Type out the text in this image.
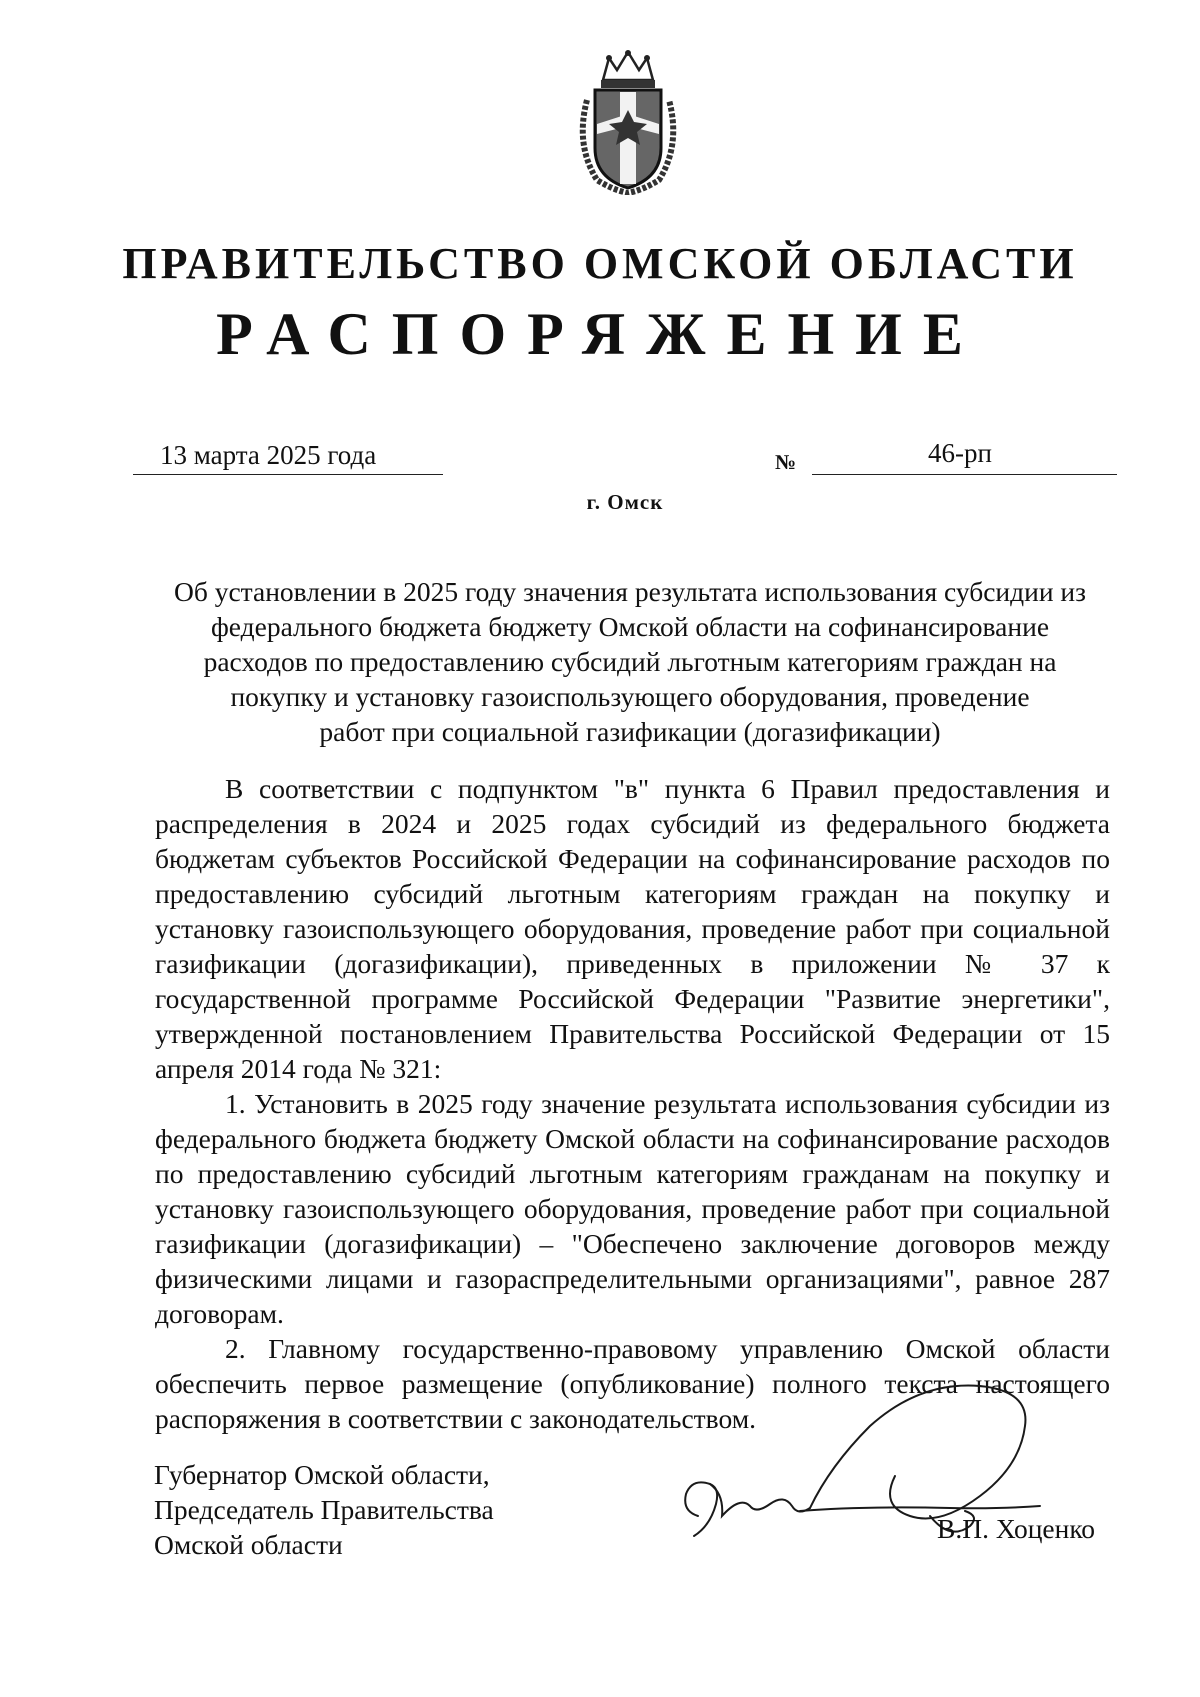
ПРАВИТЕЛЬСТВО ОМСКОЙ ОБЛАСТИ
РАСПОРЯЖЕНИЕ
13 марта 2025 года	№	46-рп
г. Омск
Об установлении в 2025 году значения результата использования субсидии из
федерального бюджета бюджету Омской области на софинансирование
расходов по предоставлению субсидий льготным категориям граждан на
покупку и установку газоиспользующего оборудования, проведение
работ при социальной газификации (догазификации)

В соответствии с подпунктом "в" пункта 6 Правил предоставления и распределения в 2024 и 2025 годах субсидий из федерального бюджета бюджетам субъектов Российской Федерации на софинансирование расходов по предоставлению субсидий льготным категориям граждан на покупку и установку газоиспользующего оборудования, проведение работ при социальной газификации (догазификации), приведенных в приложении № 37 к государственной программе Российской Федерации "Развитие энергетики", утвержденной постановлением Правительства Российской Федерации от 15 апреля 2014 года № 321:

1. Установить в 2025 году значение результата использования субсидии из федерального бюджета бюджету Омской области на софинансирование расходов по предоставлению субсидий льготным категориям гражданам на покупку и установку газоиспользующего оборудования, проведение работ при социальной газификации (догазификации) – "Обеспечено заключение договоров между физическими лицами и газораспределительными организациями", равное 287 договорам.

2. Главному государственно-правовому управлению Омской области обеспечить первое размещение (опубликование) полного текста настоящего распоряжения в соответствии с законодательством.

Губернатор Омской области,
Председатель Правительства
Омской области
В.П. Хоценко
